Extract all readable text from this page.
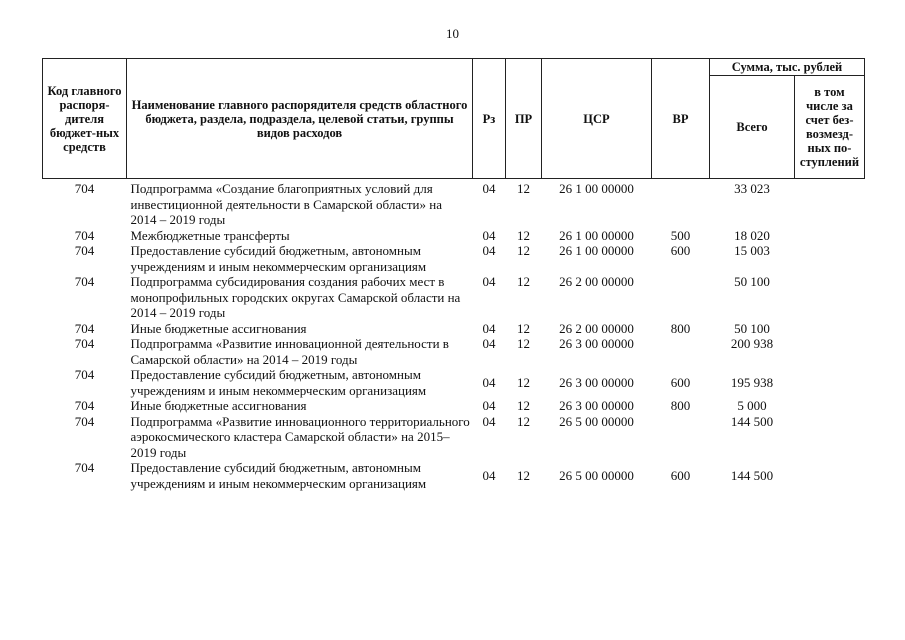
10
Код главного распоря-дителя бюджет-ных средств	Наименование главного распорядителя средств областного бюджета, раздела, подраздела, целевой статьи, группы видов расходов	Рз	ПР	ЦСР	ВР	Сумма, тыс. рублей	
						Всего	в том числе за счет без-возмезд-ных по-ступлений
704	Подпрограмма «Создание благоприятных условий для инвестиционной деятельности в Самарской области» на 2014 – 2019 годы	04	12	26 1 00 00000		33 023	
704	Межбюджетные трансферты	04	12	26 1 00 00000	500	18 020	
704	Предоставление субсидий бюджетным, автономным учреждениям и иным некоммерческим организациям	04	12	26 1 00 00000	600	15 003	
704	Подпрограмма субсидирования создания рабочих мест в монопрофильных городских округах Самарской области на 2014 – 2019 годы	04	12	26 2 00 00000		50 100	
704	Иные бюджетные ассигнования	04	12	26 2 00 00000	800	50 100	
704	Подпрограмма «Развитие инновационной деятельности в Самарской области» на 2014 – 2019 годы	04	12	26 3 00 00000		200 938	
704	Предоставление субсидий бюджетным, автономным учреждениям и иным некоммерческим организациям	04	12	26 3 00 00000	600	195 938	
704	Иные бюджетные ассигнования	04	12	26 3 00 00000	800	5 000	
704	Подпрограмма «Развитие инновационного территориального аэрокосмического кластера Самарской области» на 2015–2019 годы	04	12	26 5 00 00000		144 500	
704	Предоставление субсидий бюджетным, автономным учреждениям и иным некоммерческим организациям	04	12	26 5 00 00000	600	144 500	
